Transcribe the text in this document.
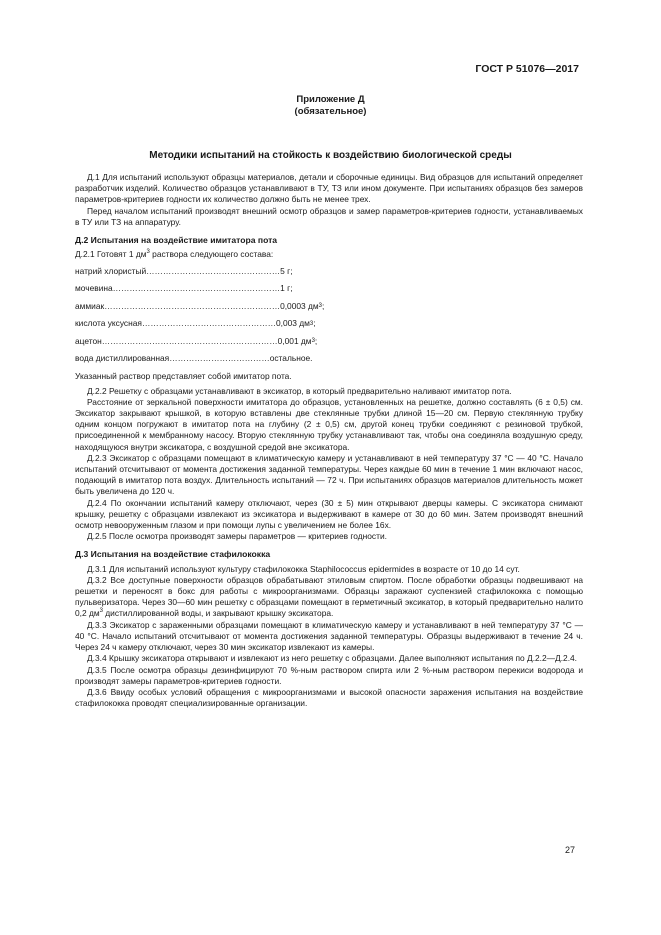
ГОСТ Р 51076—2017
Приложение Д
(обязательное)
Методики испытаний на стойкость к воздействию биологической среды

Д.1 Для испытаний используют образцы материалов, детали и сборочные единицы. Вид образцов для испытаний определяет разработчик изделий. Количество образцов устанавливают в ТУ, ТЗ или ином документе. При испытаниях образцов без замеров параметров-критериев годности их количество должно быть не менее трех.

Перед началом испытаний производят внешний осмотр образцов и замер параметров-критериев годности, устанавливаемых в ТУ или ТЗ на аппаратуру.

Д.2 Испытания на воздействие имитатора пота

Д.2.1 Готовят 1 $дм^3$ раствора следующего состава:

натрий хлористый ………………………………………… 5 г;
мочевина …………………………………………………… 1 г;
аммиак ……………………………………………………… 0,0003 дм 3 ;
кислота уксусная ………………………………………… 0,003 дм 3 ;
ацетон ……………………………………………………… 0,001 дм 3 ;
вода дистиллированная ……………………………… остальное.

Указанный раствор представляет собой имитатор пота.

Д.2.2 Решетку с образцами устанавливают в эксикатор, в который предварительно наливают имитатор пота.

Расстояние от зеркальной поверхности имитатора до образцов, установленных на решетке, должно составлять (6 ± 0,5) см. Эксикатор закрывают крышкой, в которую вставлены две стеклянные трубки длиной 15—20 см. Первую стеклянную трубку одним концом погружают в имитатор пота на глубину (2 ± 0,5) см, другой конец трубки соединяют с резиновой трубкой, присоединенной к мембранному насосу. Вторую стеклянную трубку устанавливают так, чтобы она соединяла воздушную среду, находящуюся внутри эксикатора, с воздушной средой вне эксикатора.

Д.2.3 Эксикатор с образцами помещают в климатическую камеру и устанавливают в ней температуру 37 °С — 40 °С. Начало испытаний отсчитывают от момента достижения заданной температуры. Через каждые 60 мин в течение 1 мин включают насос, подающий в имитатор пота воздух. Длительность испытаний — 72 ч. При испытаниях образцов материалов длительность может быть увеличена до 120 ч.

Д.2.4 По окончании испытаний камеру отключают, через (30 ± 5) мин открывают дверцы камеры. С эксикатора снимают крышку, решетку с образцами извлекают из эксикатора и выдерживают в камере от 30 до 60 мин. Затем производят внешний осмотр невооруженным глазом и при помощи лупы с увеличением не более 16х.

Д.2.5 После осмотра производят замеры параметров — критериев годности.

Д.3 Испытания на воздействие стафилококка

Д.3.1 Для испытаний используют культуру стафилококка Staphilococcus epidermides в возрасте от 10 до 14 сут.

Д.3.2 Все доступные поверхности образцов обрабатывают этиловым спиртом. После обработки образцы подвешивают на решетки и переносят в бокс для работы с микроорганизмами. Образцы заражают суспензией стафилококка с помощью пульверизатора. Через 30—60 мин решетку с образцами помещают в герметичный эксикатор, в который предварительно налито 0,2 $дм^3$ дистиллированной воды, и закрывают крышку эксикатора.

Д.3.3 Эксикатор с зараженными образцами помещают в климатическую камеру и устанавливают в ней температуру 37 °С — 40 °С. Начало испытаний отсчитывают от момента достижения заданной температуры. Образцы выдерживают в течение 24 ч. Через 24 ч камеру отключают, через 30 мин эксикатор извлекают из камеры.

Д.3.4 Крышку эксикатора открывают и извлекают из него решетку с образцами. Далее выполняют испытания по Д.2.2—Д.2.4.

Д.3.5 После осмотра образцы дезинфицируют 70 %-ным раствором спирта или 2 %-ным раствором перекиси водорода и производят замеры параметров-критериев годности.

Д.3.6 Ввиду особых условий обращения с микроорганизмами и высокой опасности заражения испытания на воздействие стафилококка проводят специализированные организации.

27
